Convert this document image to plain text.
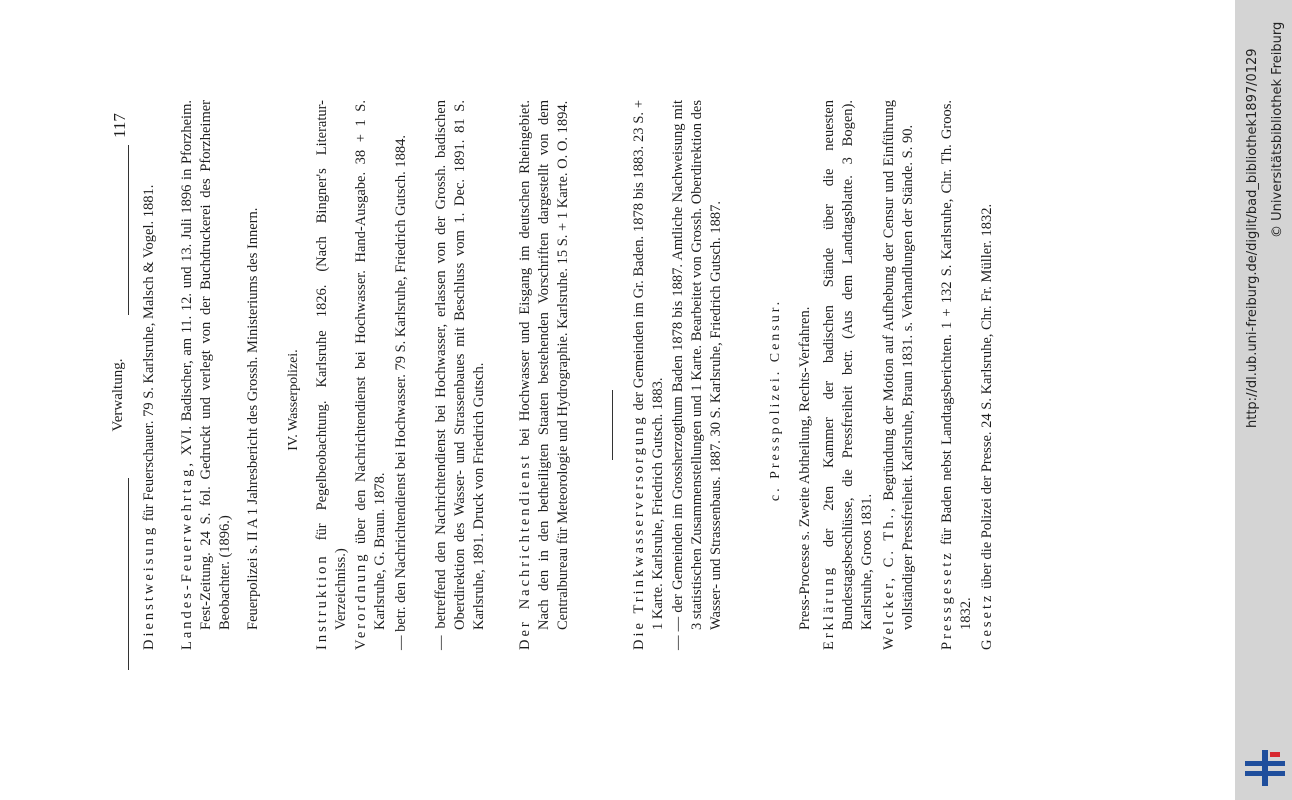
Verwaltung.
117
Dienstweisung für Feuerschauer. 79 S. Karlsruhe, Malsch & Vogel. 1881.
Landes-Feuerwehrtag, XVI. Badischer, am 11. 12. und 13. Juli 1896 in Pforzheim. Fest-Zeitung. 24 S. fol. Gedruckt und verlegt von der Buchdruckerei des Pforzheimer Beobachter. (1896.) Feuerpolizei s. II A 1 Jahresbericht des Grossh. Ministeriums des Innern. IV. Wasserpolizei.
Instruktion für Pegelbeobachtung. Karlsruhe 1826. (Nach Bingner's Literatur-Verzeichniss.) Verordnung über den Nachrichtendienst bei Hochwasser. Hand-Ausgabe. 38 + 1 S. Karlsruhe, G. Braun. 1878.
— betr. den Nachrichtendienst bei Hochwasser. 79 S. Karlsruhe, Friedrich Gutsch. 1884.
— betreffend den Nachrichtendienst bei Hochwasser, erlassen von der Grossh. badischen Oberdirektion des Wasser- und Strassenbaues mit Beschluss vom 1. Dec. 1891. 81 S. Karlsruhe, 1891. Druck von Friedrich Gutsch. Der Nachrichtendienst bei Hochwasser und Eisgang im deutschen Rheingebiet. Nach den in den betheiligten Staaten bestehenden Vorschriften dargestellt von dem Centralbureau für Meteorologie und Hydrographie. Karlsruhe. 15 S. + 1 Karte. O. O. 1894.	Die Trinkwasserversorgung der Gemeinden im Gr. Baden. 1878 bis 1883. 23 S. + 1 Karte. Karlsruhe, Friedrich Gutsch. 1883.
— — der Gemeinden im Grossherzogthum Baden 1878 bis 1887. Amtliche Nachweisung mit 3 statistischen Zusammenstellungen und 1 Karte. Bearbeitet von Grossh. Oberdirektion des Wasser- und Strassenbaus. 1887. 30 S. Karlsruhe, Friedrich Gutsch. 1887.	c. Presspolizei. Censur. Press-Processe s. Zweite Abtheilung, Rechts-Verfahren. Erklärung der 2ten Kammer der badischen Stände über die neuesten Bundestagsbeschlüsse, die Pressfreiheit betr. (Aus dem Landtagsblatte. 3 Bogen). Karlsruhe, Groos 1831. Welcker, C. Th., Begründung der Motion auf Aufhebung der Censur und Einführung vollständiger Pressfreiheit. Karlsruhe, Braun 1831. s. Verhandlungen der Stände. S. 90. Pressgesetz für Baden nebst Landtagsberichten. 1 + 132 S. Karlsruhe, Chr. Th. Groos. 1832. Gesetz über die Polizei der Presse. 24 S. Karlsruhe, Chr. Fr. Müller. 1832.	http://dl.ub.uni-freiburg.de/diglit/bad_bibliothek1897/0129 © Universitätsbibliothek Freiburg
